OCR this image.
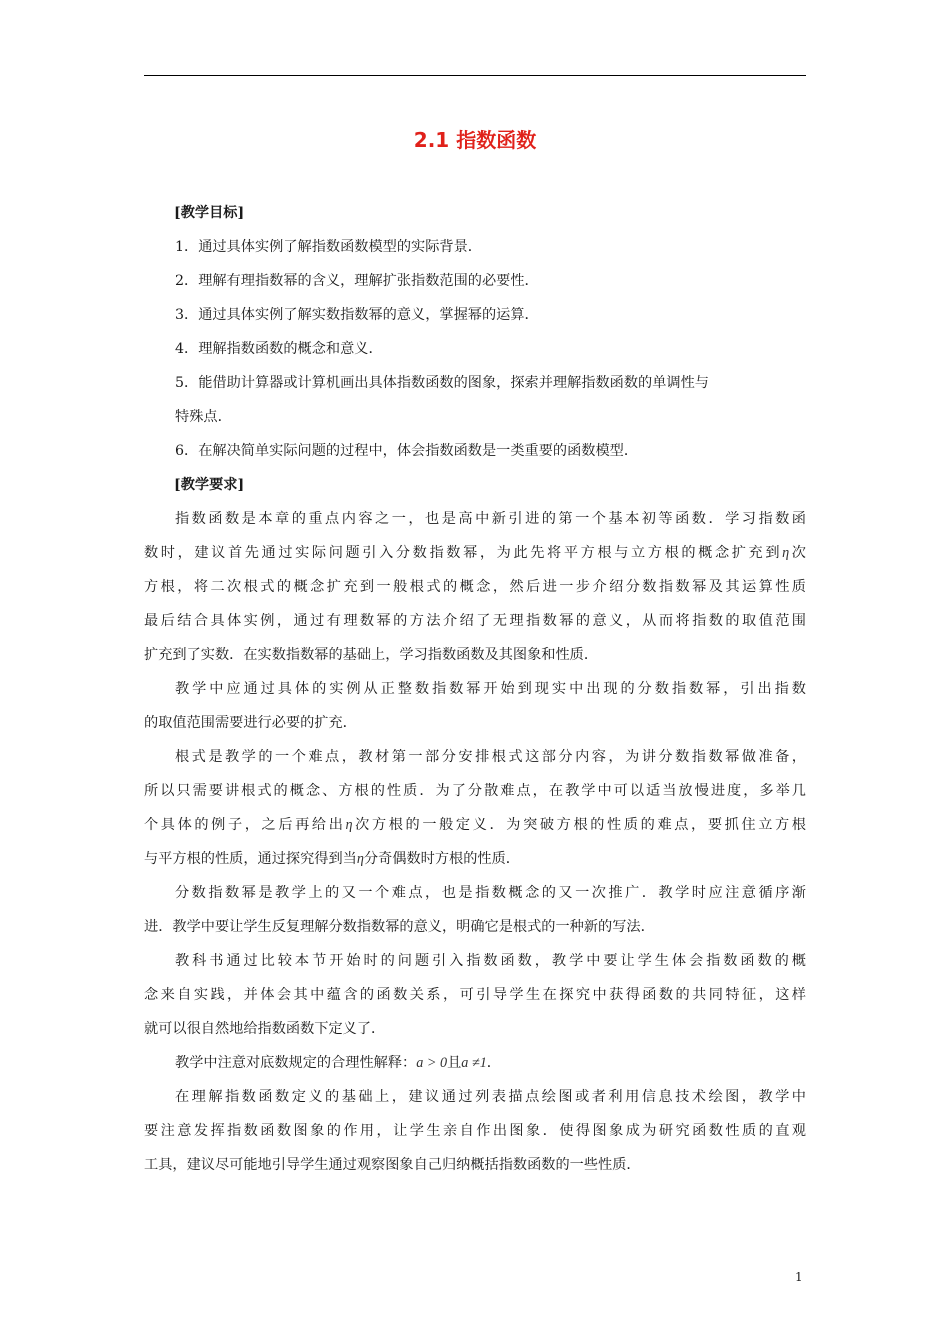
2.1 指数函数
[教学目标]
1．通过具体实例了解指数函数模型的实际背景．
2．理解有理指数幂的含义，理解扩张指数范围的必要性．
3．通过具体实例了解实数指数幂的意义，掌握幂的运算．
4．理解指数函数的概念和意义．
5．能借助计算器或计算机画出具体指数函数的图象，探索并理解指数函数的单调性与
特殊点．
6．在解决简单实际问题的过程中，体会指数函数是一类重要的函数模型．
[教学要求]
指数函数是本章的重点内容之一，也是高中新引进的第一个基本初等函数．学习指数函
数时，建议首先通过实际问题引入分数指数幂，为此先将平方根与立方根的概念扩充到η次
方根，将二次根式的概念扩充到一般根式的概念，然后进一步介绍分数指数幂及其运算性质
最后结合具体实例，通过有理数幂的方法介绍了无理指数幂的意义，从而将指数的取值范围
扩充到了实数．在实数指数幂的基础上，学习指数函数及其图象和性质．
教学中应通过具体的实例从正整数指数幂开始到现实中出现的分数指数幂，引出指数
的取值范围需要进行必要的扩充．
根式是教学的一个难点，教材第一部分安排根式这部分内容，为讲分数指数幂做准备，
所以只需要讲根式的概念、方根的性质．为了分散难点，在教学中可以适当放慢进度，多举几
个具体的例子，之后再给出η次方根的一般定义．为突破方根的性质的难点，要抓住立方根
与平方根的性质，通过探究得到当η分奇偶数时方根的性质．
分数指数幂是教学上的又一个难点，也是指数概念的又一次推广．教学时应注意循序渐
进．教学中要让学生反复理解分数指数幂的意义，明确它是根式的一种新的写法．
教科书通过比较本节开始时的问题引入指数函数，教学中要让学生体会指数函数的概
念来自实践，并体会其中蕴含的函数关系，可引导学生在探究中获得函数的共同特征，这样
就可以很自然地给指数函数下定义了．
教学中注意对底数规定的合理性解释：a > 0且a ≠1．
在理解指数函数定义的基础上，建议通过列表描点绘图或者利用信息技术绘图，教学中
要注意发挥指数函数图象的作用，让学生亲自作出图象．使得图象成为研究函数性质的直观
工具，建议尽可能地引导学生通过观察图象自己归纳概括指数函数的一些性质．
1
